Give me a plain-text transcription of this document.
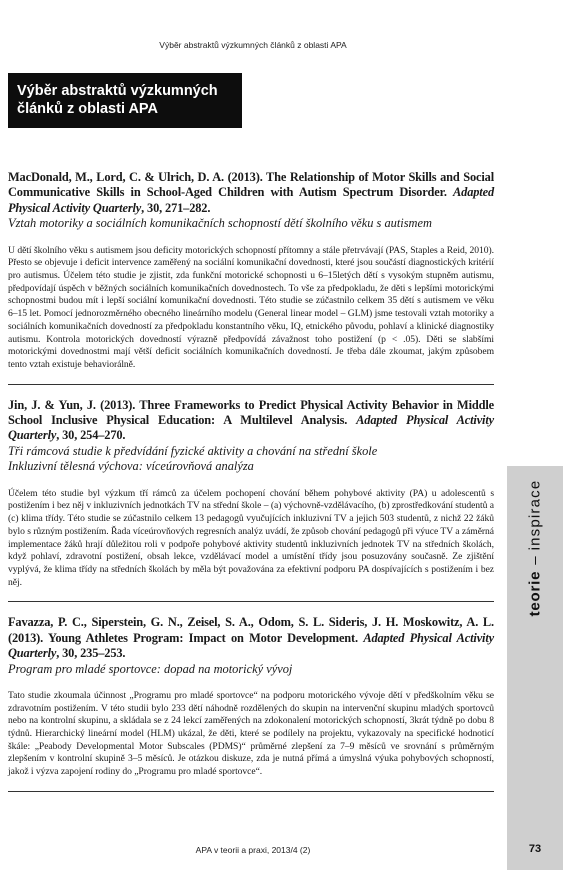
Výběr abstraktů výzkumných článků z oblasti APA
Výběr abstraktů výzkumných článků z oblasti APA
MacDonald, M., Lord, C. & Ulrich, D. A. (2013). The Relationship of Motor Skills and Social Communicative Skills in School-Aged Children with Autism Spectrum Disorder. Adapted Physical Activity Quarterly, 30, 271–282.
Vztah motoriky a sociálních komunikačních schopností dětí školního věku s autismem

U dětí školního věku s autismem jsou deficity motorických schopností přítomny a stále přetrvávají (PAS, Staples a Reid, 2010). Přesto se objevuje i deficit intervence zaměřený na sociální komunikační dovednosti, které jsou součástí diagnostických kritérií pro autismus. Účelem této studie je zjistit, zda funkční motorické schopnosti u 6–15letých dětí s vysokým stupněm autismu, předpovídají úspěch v běžných sociálních komunikačních dovednostech. To vše za předpokladu, že děti s lepšími motorickými schopnostmi budou mít i lepší sociální komunikační dovednosti. Této studie se zúčastnilo celkem 35 dětí s autismem ve věku 6–15 let. Pomocí jednorozměrného obecného lineárního modelu (General linear model – GLM) jsme testovali vztah motoriky a sociálních komunikačních dovedností za předpokladu konstantního věku, IQ, etnického původu, pohlaví a klinické diagnostiky autismu. Kontrola motorických dovedností výrazně předpovídá závažnost toho postižení (p < .05). Děti se slabšími motorickými dovednostmi mají větší deficit sociálních komunikačních dovedností. Je třeba dále zkoumat, jakým způsobem tento vztah existuje behaviorálně.

Jin, J. & Yun, J. (2013). Three Frameworks to Predict Physical Activity Behavior in Middle School Inclusive Physical Education: A Multilevel Analysis. Adapted Physical Activity Quarterly, 30, 254–270.
Tři rámcová studie k předvídání fyzické aktivity a chování na střední škole
Inkluzivní tělesná výchova: víceúrovňová analýza

Účelem této studie byl výzkum tří rámců za účelem pochopení chování během pohybové aktivity (PA) u adolescentů s postižením i bez něj v inkluzivních jednotkách TV na střední škole – (a) výchovně-vzdělávacího, (b) zprostředkování studentů a (c) klima třídy. Této studie se zúčastnilo celkem 13 pedagogů vyučujících inkluzivní TV a jejich 503 studentů, z nichž 22 žáků bylo s různým postižením. Řada víceúrovňových regresních analýz uvádí, že způsob chování pedagogů při výuce TV a záměrná implementace žáků hrají důležitou roli v podpoře pohybové aktivity studentů inkluzivních jednotek TV na středních školách, když pohlaví, zdravotní postižení, obsah lekce, vzdělávací model a umístění třídy jsou posuzovány současně. Ze zjištění vyplývá, že klima třídy na středních školách by měla být považována za efektivní podporu PA dospívajících s postižením i bez něj.

Favazza, P. C., Siperstein, G. N., Zeisel, S. A., Odom, S. L. Sideris, J. H. Moskowitz, A. L. (2013). Young Athletes Program: Impact on Motor Development. Adapted Physical Activity Quarterly, 30, 235–253.
Program pro mladé sportovce: dopad na motorický vývoj

Tato studie zkoumala účinnost „Programu pro mladé sportovce“ na podporu motorického vývoje dětí v předškolním věku se zdravotním postižením. V této studii bylo 233 dětí náhodně rozdělených do skupin na intervenční skupinu mladých sportovců nebo na kontrolní skupinu, a skládala se z 24 lekcí zaměřených na zdokonalení motorických schopností, 3krát týdně po dobu 8 týdnů. Hierarchický lineární model (HLM) ukázal, že děti, které se podílely na projektu, vykazovaly na specifické hodnoticí škále: „Peabody Developmental Motor Subscales (PDMS)“ průměrné zlepšení za 7–9 měsíců ve srovnání s průměrným zlepšením v kontrolní skupině 3–5 měsíců. Je otázkou diskuze, zda je nutná přímá a úmyslná výuka pohybových schopností, jakož i výzva zapojení rodiny do „Programu pro mladé sportovce“.

teorie–inspirace
APA v teorii a praxi, 2013/4 (2)	73
